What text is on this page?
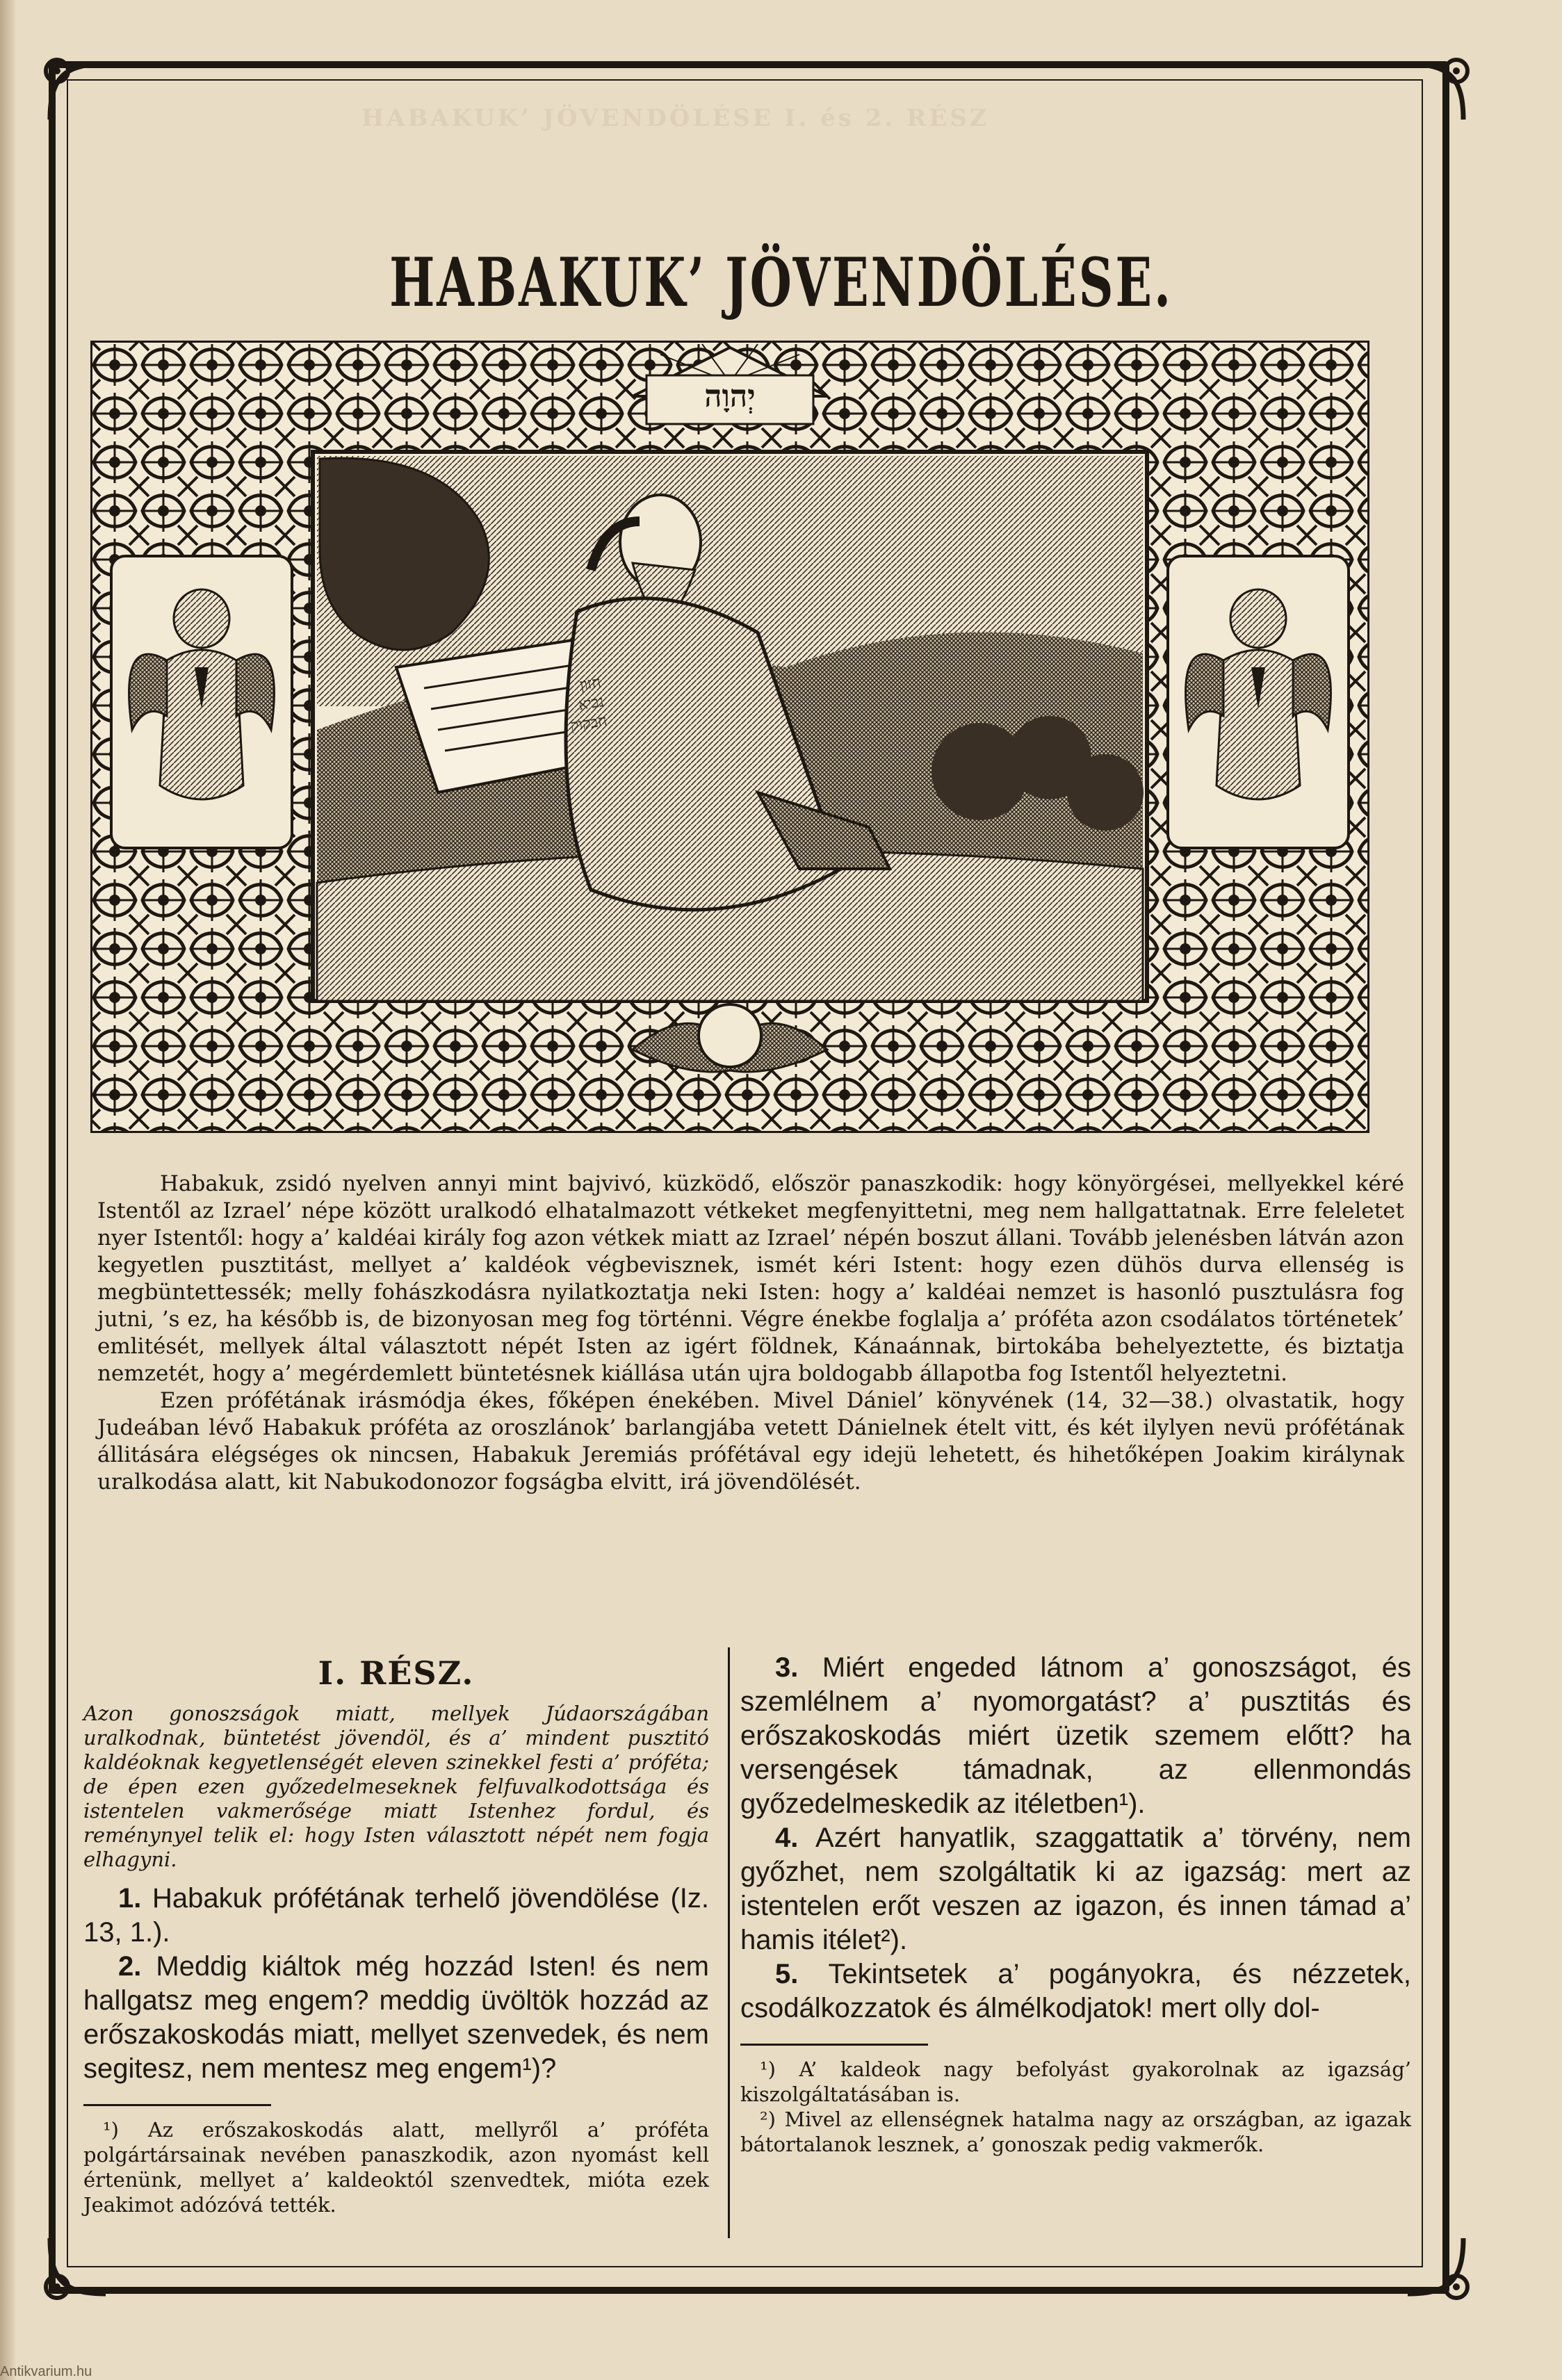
HABAKUK’ JÖVENDÖLÉSE I. és 2. RÉSZ
HABAKUK’ JÖVENDÖLÉSE.
יְהוָה
חזון
נביא
חבקוק

Habakuk, zsidó nyelven annyi mint bajvivó, küzködő, először panaszkodik: hogy könyörgései, mellyekkel kéré Istentől az Izrael’ népe között uralkodó elhatalmazott vétkeket megfenyittetni, meg nem hallgattatnak. Erre feleletet nyer Istentől: hogy a’ kaldéai király fog azon vétkek miatt az Izrael’ népén boszut állani. Tovább jelenésben látván azon kegyetlen pusztitást, mellyet a’ kaldéok végbevisznek, ismét kéri Istent: hogy ezen dühös durva ellenség is megbüntettessék; melly fohászkodásra nyilatkoztatja neki Isten: hogy a’ kaldéai nemzet is hasonló pusztulásra fog jutni, ’s ez, ha később is, de bizonyosan meg fog történni. Végre énekbe foglalja a’ próféta azon csodálatos történetek’ emlitését, mellyek által választott népét Isten az igért földnek, Kánaánnak, birtokába behelyeztette, és biztatja nemzetét, hogy a’ megérdemlett büntetésnek kiállása után ujra boldogabb állapotba fog Istentől helyeztetni.

Ezen prófétának irásmódja ékes, főképen énekében. Mivel Dániel’ könyvének (14, 32—38.) olvastatik, hogy Judeában lévő Habakuk próféta az oroszlánok’ barlangjába vetett Dánielnek ételt vitt, és két ilylyen nevü prófétának állitására elégséges ok nincsen, Habakuk Jeremiás prófétával egy idejü lehetett, és hihetőképen Joakim királynak uralkodása alatt, kit Nabukodonozor fogságba elvitt, irá jövendölését.

I. RÉSZ.

Azon gonoszságok miatt, mellyek Júdaországában uralkodnak, büntetést jövendöl, és a’ mindent pusztitó kaldéoknak kegyetlenségét eleven szinekkel festi a’ próféta; de épen ezen győzedelmeseknek felfuvalkodottsága és istentelen vakmerősége miatt Istenhez fordul, és reménynyel telik el: hogy Isten választott népét nem fogja elhagyni.

1. Habakuk prófétának terhelő jövendölése (Iz. 13, 1.).

2. Meddig kiáltok még hozzád Isten! és nem hallgatsz meg engem? meddig üvöltök hozzád az erőszakoskodás miatt, mellyet szenvedek, és nem segitesz, nem mentesz meg engem¹)?

¹) Az erőszakoskodás alatt, mellyről a’ próféta polgártársainak nevében panaszkodik, azon nyomást kell értenünk, mellyet a’ kaldeoktól szenvedtek, mióta ezek Jeakimot adózóvá tették.

3. Miért engeded látnom a’ gonoszságot, és szemlélnem a’ nyomorgatást? a’ pusztitás és erőszakoskodás miért üzetik szemem előtt? ha versengések támadnak, az ellenmondás győzedelmeskedik az itéletben¹).

4. Azért hanyatlik, szaggattatik a’ törvény, nem győzhet, nem szolgáltatik ki az igazság: mert az istentelen erőt veszen az igazon, és innen támad a’ hamis itélet²).

5. Tekintsetek a’ pogányokra, és nézzetek, csodálkozzatok és álmélkodjatok! mert olly dol-

¹) A’ kaldeok nagy befolyást gyakorolnak az igazság’ kiszolgáltatásában is.

²) Mivel az ellenségnek hatalma nagy az országban, az igazak bátortalanok lesznek, a’ gonoszak pedig vakmerők.

Antikvarium.hu
